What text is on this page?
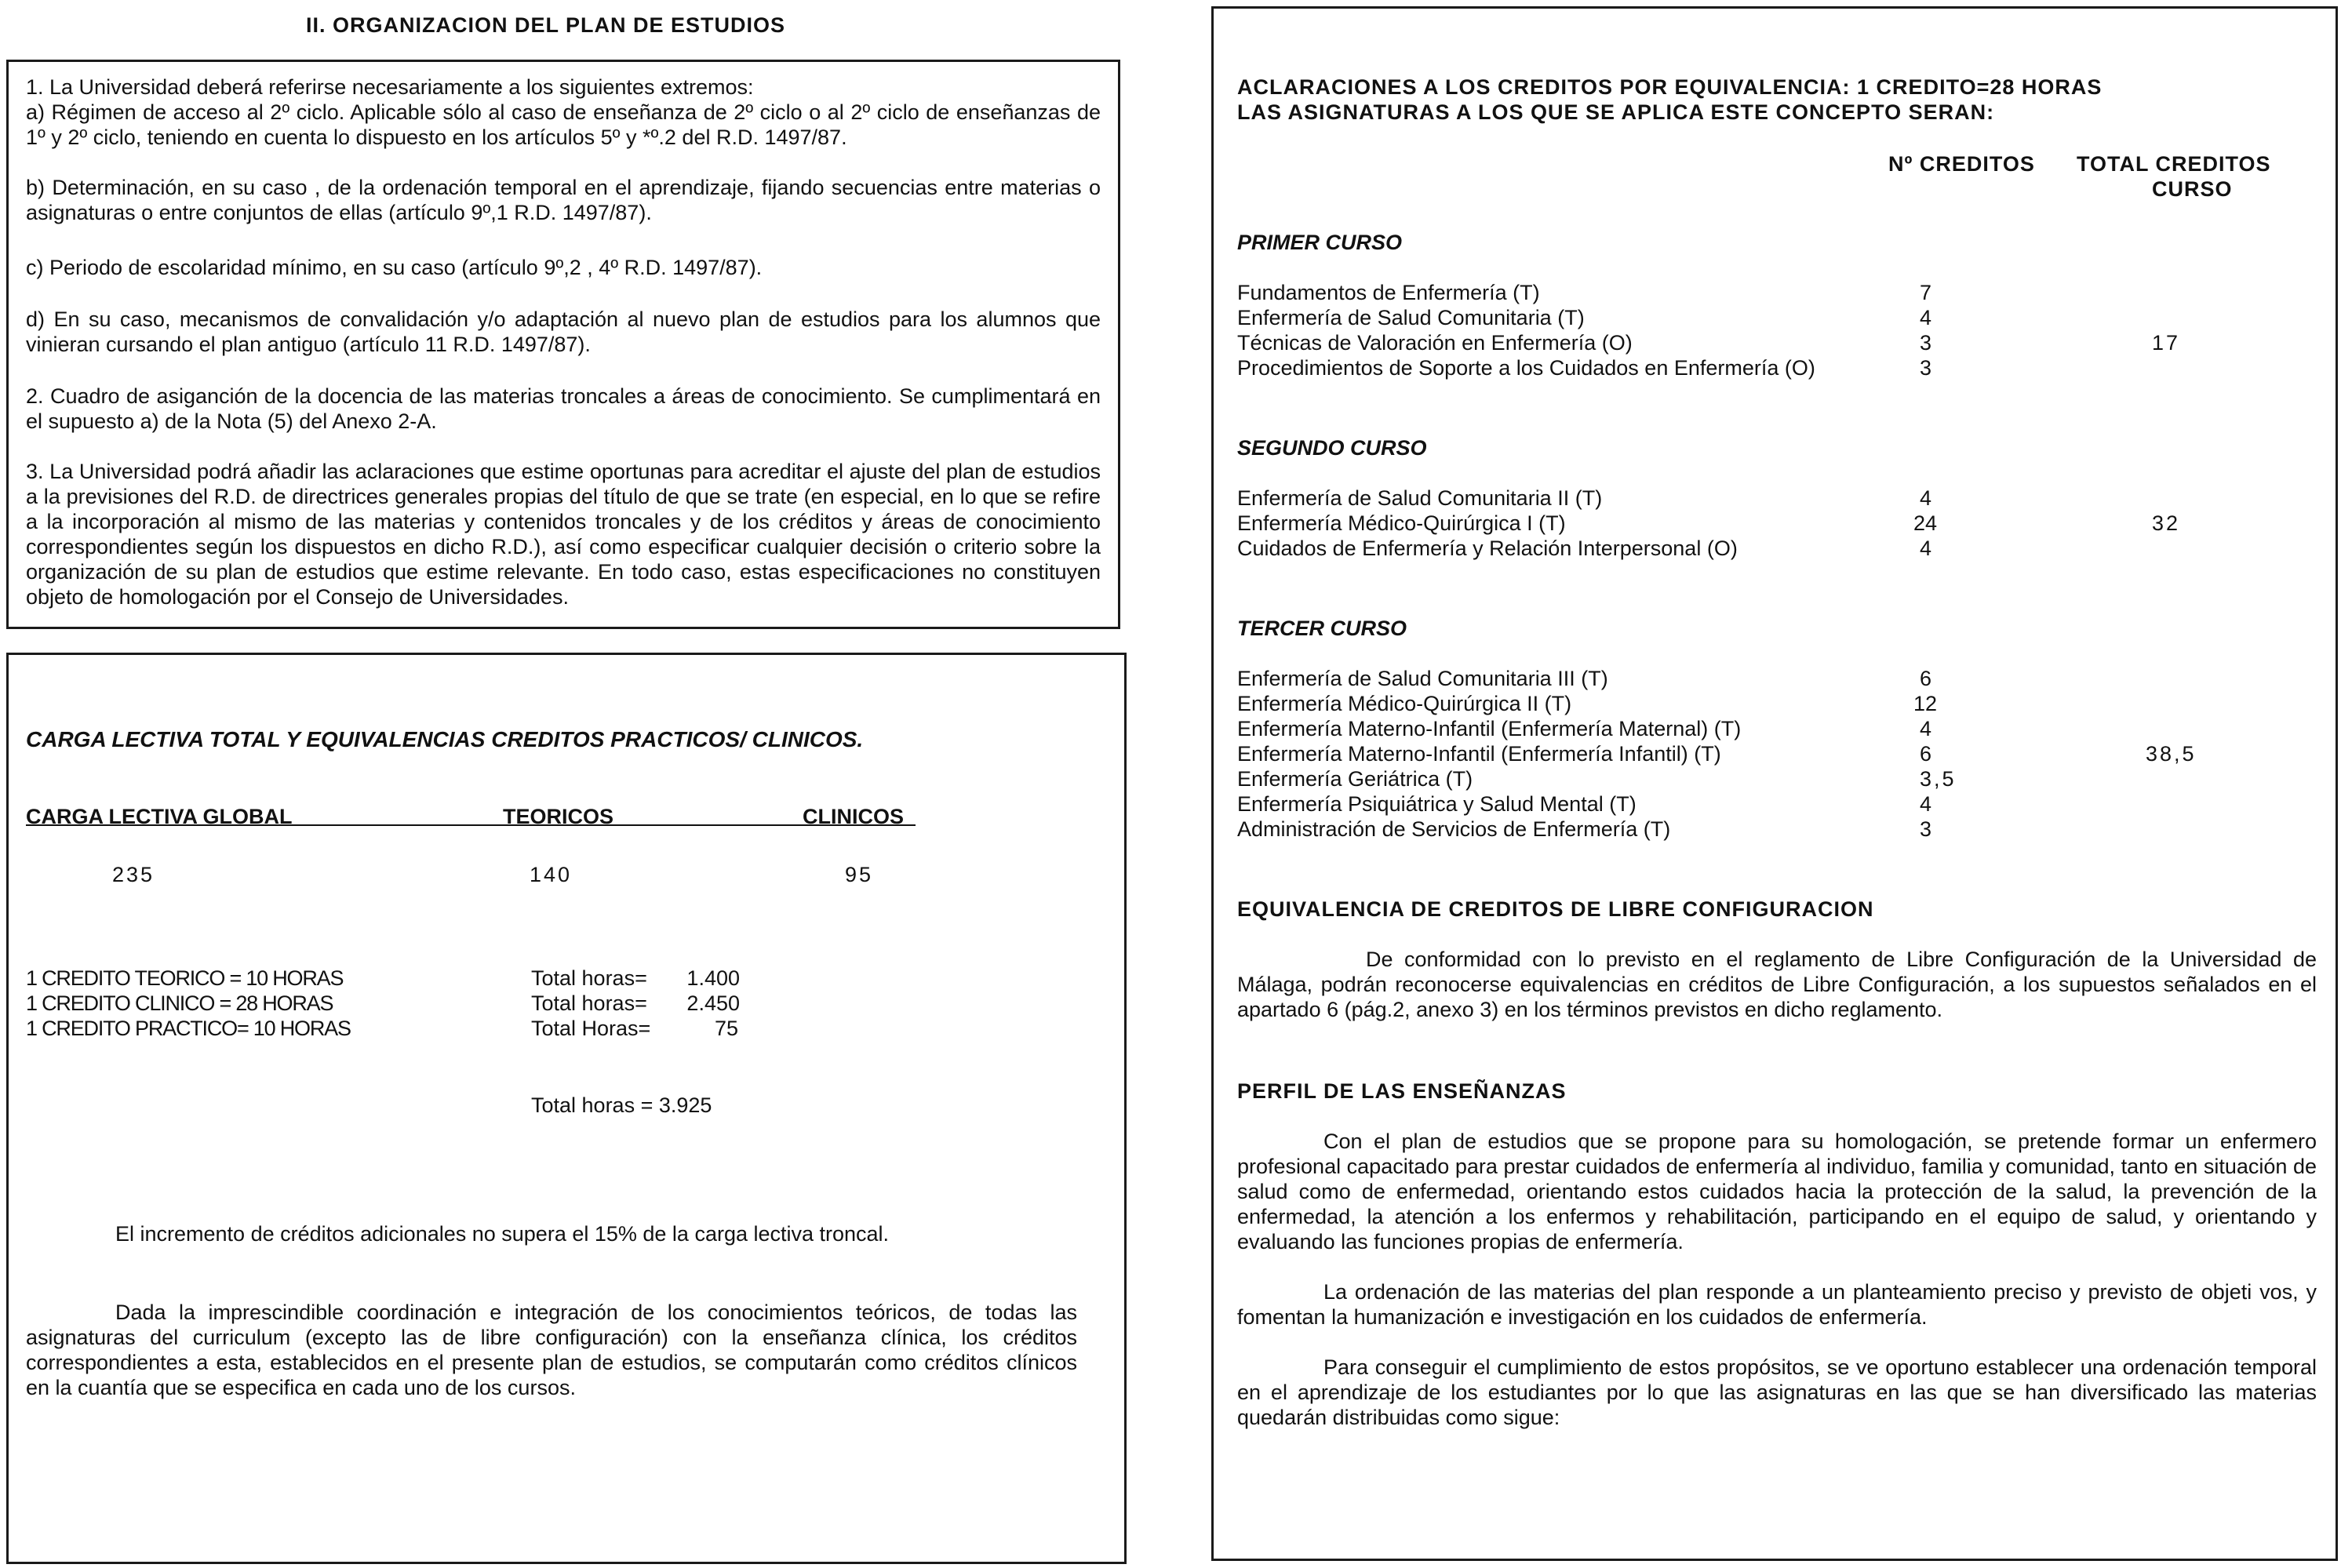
II. ORGANIZACION DEL PLAN DE ESTUDIOS
1. La Universidad deberá referirse necesariamente a los siguientes extremos:
a) Régimen de acceso al 2º ciclo. Aplicable sólo al caso de enseñanza de 2º ciclo o al 2º ciclo de enseñanzas de 1º y 2º ciclo, teniendo en cuenta lo dispuesto en los artículos 5º y *º.2 del R.D. 1497/87.
b) Determinación, en su caso , de la ordenación temporal en el aprendizaje, fijando secuencias entre materias o asignaturas o entre conjuntos de ellas (artículo 9º,1 R.D. 1497/87).
c) Periodo de escolaridad mínimo, en su caso (artículo 9º,2 , 4º R.D. 1497/87).
d) En su caso, mecanismos de convalidación y/o adaptación al nuevo plan de estudios para los alumnos que vinieran cursando el plan antiguo (artículo 11 R.D. 1497/87).
2. Cuadro de asiganción de la docencia de las materias troncales a áreas de conocimiento. Se cumplimentará en el supuesto a) de la Nota (5) del Anexo 2-A.
3. La Universidad podrá añadir las aclaraciones que estime oportunas para acreditar el ajuste del plan de estudios a la previsiones del R.D. de directrices generales propias del título de que se trate (en especial, en lo que se refire a la incorporación al mismo de las materias y contenidos troncales y de los créditos y áreas de conocimiento correspondientes según los dispuestos en dicho R.D.), así como especificar cualquier decisión o criterio sobre la organización de su plan de estudios que estime relevante. En todo caso, estas especificaciones no constituyen objeto de homologación por el Consejo de Universidades.
CARGA LECTIVA TOTAL Y EQUIVALENCIAS CREDITOS PRACTICOS/ CLINICOS.
CARGA LECTIVA GLOBAL	TEORICOS	CLINICOS
235	140	95
1 CREDITO TEORICO = 10 HORAS	Total horas=	1.400
1 CREDITO CLINICO = 28 HORAS	Total horas=	2.450
1 CREDITO PRACTICO= 10 HORAS	Total Horas=	75
Total horas = 3.925
El incremento de créditos adicionales no supera el 15% de la carga lectiva troncal.
Dada la imprescindible coordinación e integración de los conocimientos teóricos, de todas las asignaturas del curriculum (excepto las de libre configuración) con la enseñanza clínica, los créditos correspondientes a esta, establecidos en el presente plan de estudios, se computarán como créditos clínicos en la cuantía que se especifica en cada uno de los cursos.
ACLARACIONES A LOS CREDITOS POR EQUIVALENCIA: 1 CREDITO=28 HORAS
LAS ASIGNATURAS A LOS QUE SE APLICA ESTE CONCEPTO SERAN:
Nº CREDITOS TOTAL CREDITOS
CURSO
PRIMER CURSO
Fundamentos de Enfermería (T)	7
Enfermería de Salud Comunitaria (T)	4
Técnicas de Valoración en Enfermería (O)	3	17
Procedimientos de Soporte a los Cuidados en Enfermería (O)	3
SEGUNDO CURSO
Enfermería de Salud Comunitaria II (T)	4
Enfermería Médico-Quirúrgica I (T)	24	32
Cuidados de Enfermería y Relación Interpersonal (O)	4
TERCER CURSO
Enfermería de Salud Comunitaria III (T)	6
Enfermería Médico-Quirúrgica II (T)	12
Enfermería Materno-Infantil (Enfermería Maternal) (T)	4
Enfermería Materno-Infantil (Enfermería Infantil) (T)	6	38,5
Enfermería Geriátrica (T)	3,5
Enfermería Psiquiátrica y Salud Mental (T)	4
Administración de Servicios de Enfermería (T)	3
EQUIVALENCIA DE CREDITOS DE LIBRE CONFIGURACION
De conformidad con lo previsto en el reglamento de Libre Configuración de la Universidad de Málaga, podrán reconocerse equivalencias en créditos de Libre Configuración, a los supuestos señalados en el apartado 6 (pág.2, anexo 3) en los términos previstos en dicho reglamento.
PERFIL DE LAS ENSEÑANZAS
Con el plan de estudios que se propone para su homologación, se pretende formar un enfermero profesional capacitado para prestar cuidados de enfermería al individuo, familia y comunidad, tanto en situación de salud como de enfermedad, orientando estos cuidados hacia la protección de la salud, la prevención de la enfermedad, la atención a los enfermos y rehabilitación, participando en el equipo de salud, y orientando y evaluando las funciones propias de enfermería.
La ordenación de las materias del plan responde a un planteamiento preciso y previsto de objeti vos, y fomentan la humanización e investigación en los cuidados de enfermería.
Para conseguir el cumplimiento de estos propósitos, se ve oportuno establecer una ordenación temporal en el aprendizaje de los estudiantes por lo que las asignaturas en las que se han diversificado las materias quedarán distribuidas como sigue:
